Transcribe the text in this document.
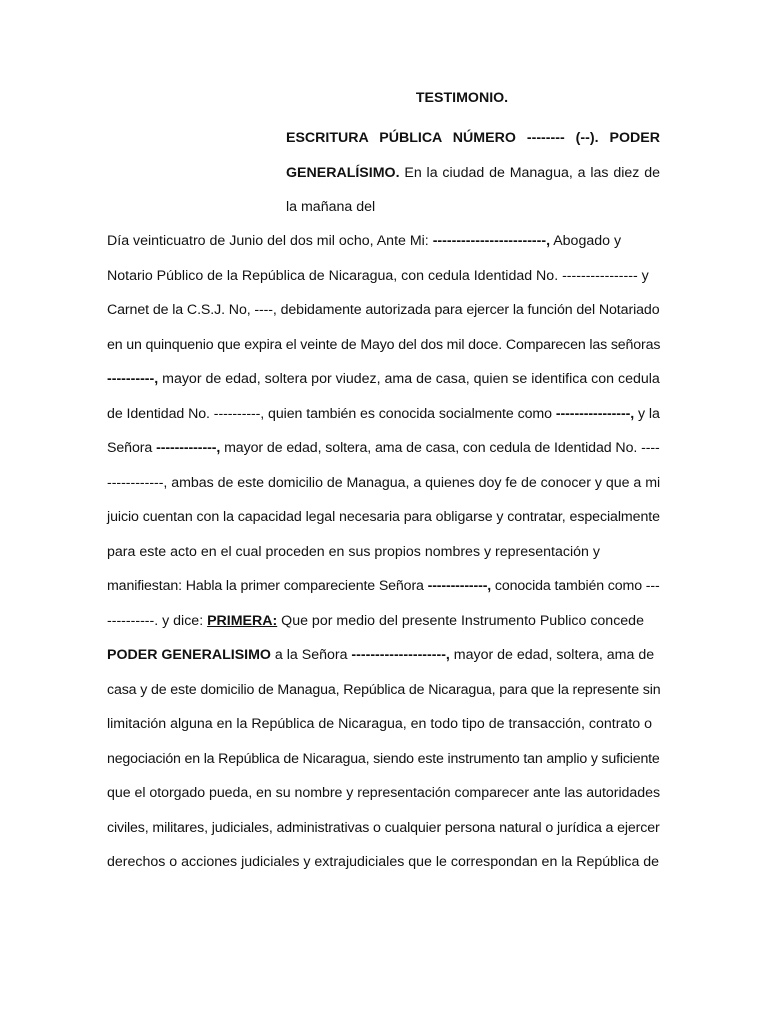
TESTIMONIO.
ESCRITURA PÚBLICA NÚMERO -------- (--). PODER GENERALÍSIMO. En la ciudad de Managua, a las diez de la mañana del
Día veinticuatro de Junio del dos mil ocho, Ante Mi: ------------------------, Abogado y
Notario Público de la República de Nicaragua, con cedula Identidad No. ---------------- y
Carnet de la C.S.J. No, ----, debidamente autorizada para ejercer la función del Notariado
en un quinquenio que expira el veinte de Mayo del dos mil doce. Comparecen las señoras
----------, mayor de edad, soltera por viudez, ama de casa, quien se identifica con cedula
de Identidad No. ----------, quien también es conocida socialmente como ----------------, y la
Señora -------------, mayor de edad, soltera, ama de casa, con cedula de Identidad No. ----
------------, ambas de este domicilio de Managua, a quienes doy fe de conocer y que a mi
juicio cuentan con la capacidad legal necesaria para obligarse y contratar, especialmente
para este acto en el cual proceden en sus propios nombres y representación y
manifiestan: Habla la primer compareciente Señora -------------, conocida también como ---
----------. y dice: PRIMERA: Que por medio del presente Instrumento Publico concede
PODER GENERALISIMO a la Señora --------------------, mayor de edad, soltera, ama de
casa y de este domicilio de Managua, República de Nicaragua, para que la represente sin
limitación alguna en la República de Nicaragua, en todo tipo de transacción, contrato o
negociación en la República de Nicaragua, siendo este instrumento tan amplio y suficiente
que el otorgado pueda, en su nombre y representación comparecer ante las autoridades
civiles, militares, judiciales, administrativas o cualquier persona natural o jurídica a ejercer
derechos o acciones judiciales y extrajudiciales que le correspondan en la República de
